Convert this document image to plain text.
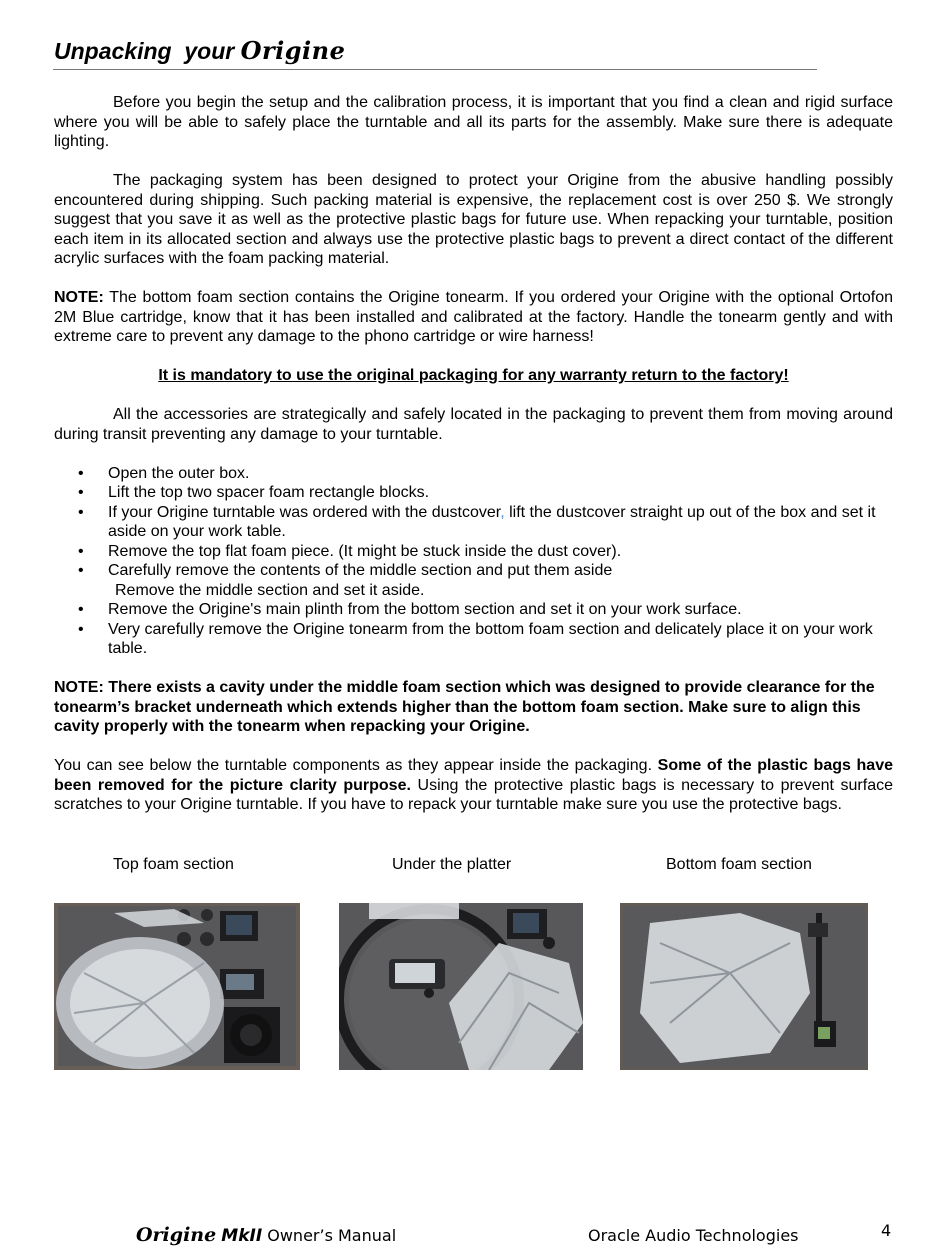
Unpacking  your Origine

Before you begin the setup and the calibration process, it is important that you find a clean and rigid surface where you will be able to safely place the turntable and all its parts for the assembly. Make sure there is adequate lighting.

The packaging system has been designed to protect your Origine from the abusive handling possibly encountered during shipping. Such packing material is expensive, the replacement cost is over 250 $. We strongly suggest that you save it as well as the protective plastic bags for future use. When repacking your turntable, position each item in its allocated section and always use the protective plastic bags to prevent a direct contact of the different acrylic surfaces with the foam packing material.

NOTE: The bottom foam section contains the Origine tonearm. If you ordered your Origine with the optional Ortofon 2M Blue cartridge, know that it has been installed and calibrated at the factory. Handle the tonearm gently and with extreme care to prevent any damage to the phono cartridge or wire harness!

It is mandatory to use the original packaging for any warranty return to the factory!

All the accessories are strategically and safely located in the packaging to prevent them from moving around during transit preventing any damage to your turntable.

• Open the outer box.
• Lift the top two spacer foam rectangle blocks.
• If your Origine turntable was ordered with the dustcover, lift the dustcover straight up out of the box and set it aside on your work table.
• Remove the top flat foam piece. (It might be stuck inside the dust cover).
• Carefully remove the contents of the middle section and put them aside
Remove the middle section and set it aside.
• Remove the Origine's main plinth from the bottom section and set it on your work surface.
• Very carefully remove the Origine tonearm from the bottom foam section and delicately place it on your work table.

NOTE: There exists a cavity under the middle foam section which was designed to provide clearance for the tonearm’s bracket underneath which extends higher than the bottom foam section. Make sure to align this cavity properly with the tonearm when repacking your Origine.

You can see below the turntable components as they appear inside the packaging. Some of the plastic bags have been removed for the picture clarity purpose. Using the protective plastic bags is necessary to prevent surface scratches to your Origine turntable. If you have to repack your turntable make sure you use the protective bags.

Top foam section	Under the platter	Bottom foam section
Origine MkII Owner’s Manual	Oracle Audio Technologies	4
